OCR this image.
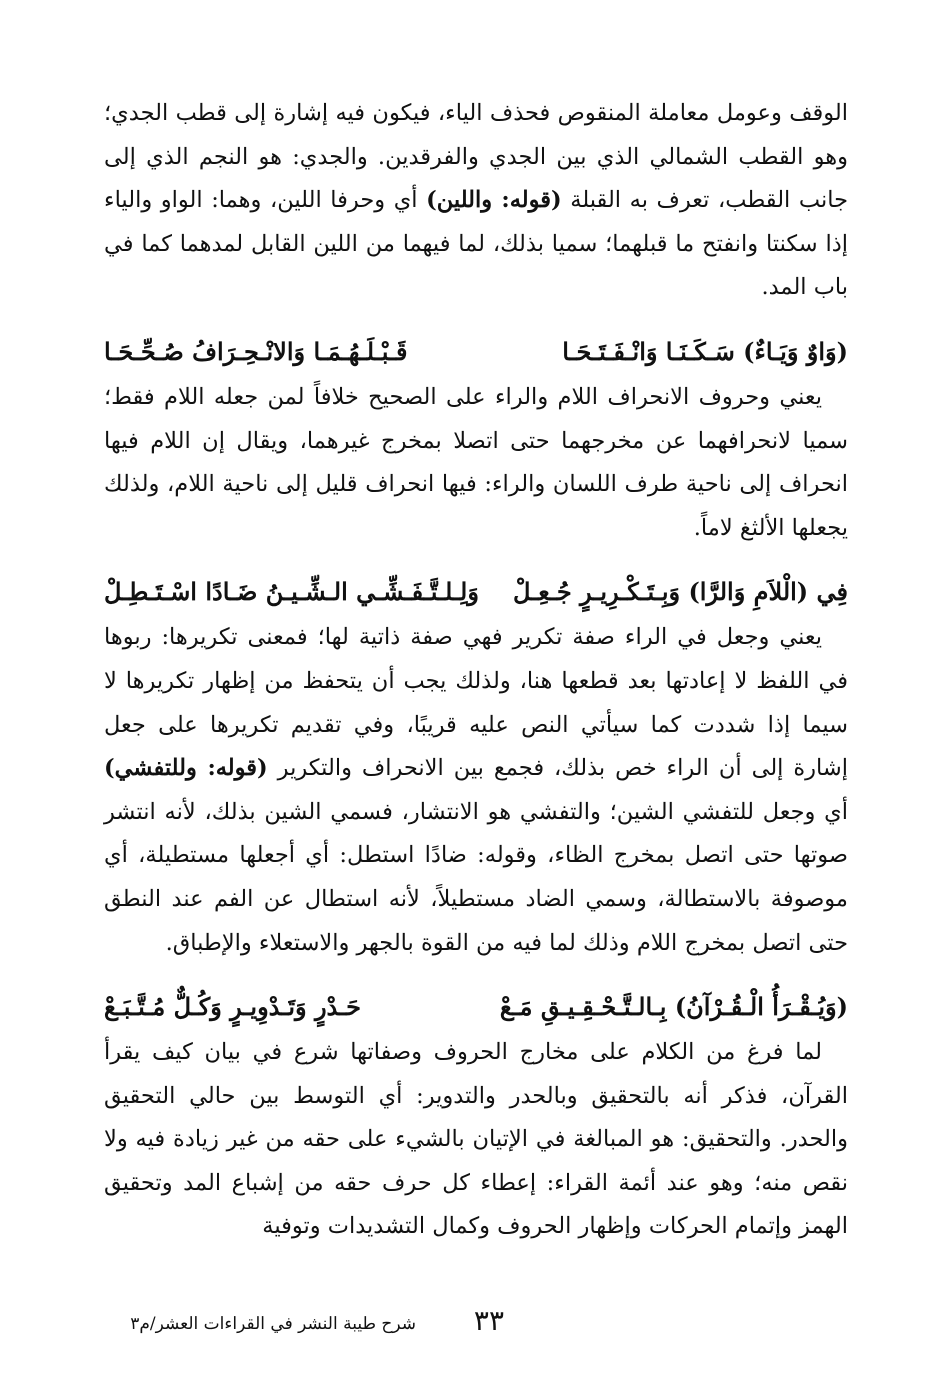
الوقف وعومل معاملة المنقوص فحذف الياء، فيكون فيه إشارة إلى قطب الجدي؛ وهو القطب الشمالي الذي بين الجدي والفرقدين. والجدي: هو النجم الذي إلى جانب القطب، تعرف به القبلة (قوله: واللين) أي وحرفا اللين، وهما: الواو والياء إذا سكنتا وانفتح ما قبلهما؛ سميا بذلك، لما فيهما من اللين القابل لمدهما كما في باب المد.

(وَاوٌ وَيَـاءٌ) سَـكَـنَـا وَانْـفَـتَـحَـا
قَـبْـلَـهُـمَـا وَالانْـحِـرَافُ صُـحِّـحَـا

يعني وحروف الانحراف اللام والراء على الصحيح خلافاً لمن جعله اللام فقط؛ سميا لانحرافهما عن مخرجهما حتى اتصلا بمخرج غيرهما، ويقال إن اللام فيها انحراف إلى ناحية طرف اللسان والراء: فيها انحراف قليل إلى ناحية اللام، ولذلك يجعلها الألثغ لاماً.

فِي (الْلاَمِ وَالرَّا) وَبِـتَـكْـرِيـرٍ جُـعِـلْ
وَلِـلـتَّـفَـشِّـي الـشِّـيـنُ ضَـادًا اسْـتَـطِـلْ

يعني وجعل في الراء صفة تكرير فهي صفة ذاتية لها؛ فمعنى تكريرها: ربوها في اللفظ لا إعادتها بعد قطعها هنا، ولذلك يجب أن يتحفظ من إظهار تكريرها لا سيما إذا شددت كما سيأتي النص عليه قريبًا، وفي تقديم تكريرها على جعل إشارة إلى أن الراء خص بذلك، فجمع بين الانحراف والتكرير (قوله: وللتفشي) أي وجعل للتفشي الشين؛ والتفشي هو الانتشار، فسمي الشين بذلك، لأنه انتشر صوتها حتى اتصل بمخرج الظاء، وقوله: ضادًا استطل: أي أجعلها مستطيلة، أي موصوفة بالاستطالة، وسمي الضاد مستطيلاً، لأنه استطال عن الفم عند النطق حتى اتصل بمخرج اللام وذلك لما فيه من القوة بالجهر والاستعلاء والإطباق.

(وَيُـقْـرَأُ الْـقُـرْآنُ) بِـالـتَّـحْـقِـيـقِ مَـعْ
حَـدْرٍ وَتَـدْوِيـرٍ وَكُـلٌّ مُـتَّـبَـعْ

لما فرغ من الكلام على مخارج الحروف وصفاتها شرع في بيان كيف يقرأ القرآن، فذكر أنه بالتحقيق وبالحدر والتدوير: أي التوسط بين حالي التحقيق والحدر. والتحقيق: هو المبالغة في الإتيان بالشيء على حقه من غير زيادة فيه ولا نقص منه؛ وهو عند أئمة القراء: إعطاء كل حرف حقه من إشباع المد وتحقيق الهمز وإتمام الحركات وإظهار الحروف وكمال التشديدات وتوفية

٣٣
شرح طيبة النشر في القراءات العشر/م٣
